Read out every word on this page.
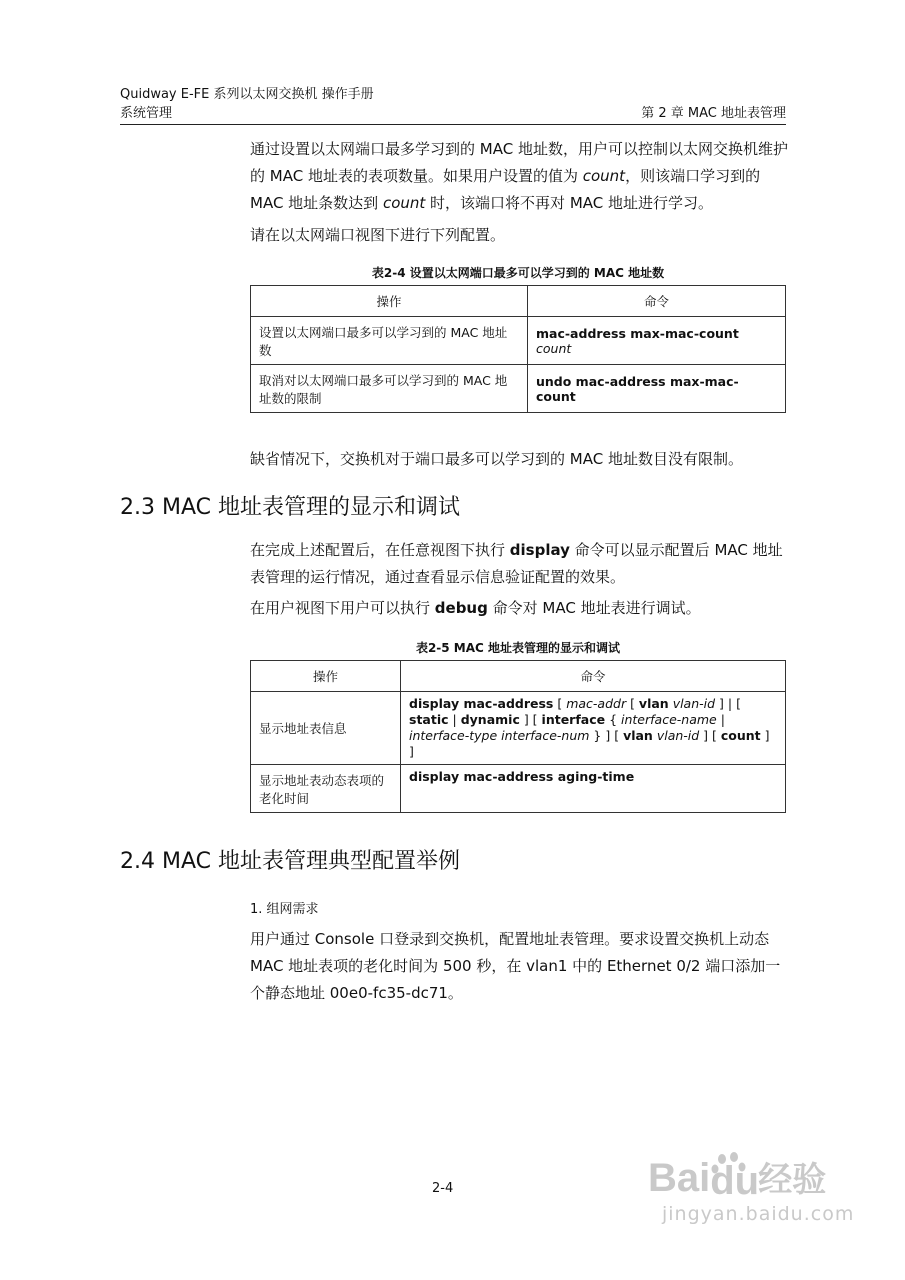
Quidway E-FE 系列以太网交换机 操作手册
系统管理	第 2 章 MAC 地址表管理

通过设置以太网端口最多学习到的 MAC 地址数，用户可以控制以太网交换机维护的 MAC 地址表的表项数量。如果用户设置的值为 count，则该端口学习到的 MAC 地址条数达到 count 时，该端口将不再对 MAC 地址进行学习。

请在以太网端口视图下进行下列配置。

表2-4 设置以太网端口最多可以学习到的 MAC 地址数
操作	命令
设置以太网端口最多可以学习到的 MAC 地址数	mac-address max-mac-count count
取消对以太网端口最多可以学习到的 MAC 地址数的限制	undo mac-address max-mac-count

缺省情况下，交换机对于端口最多可以学习到的 MAC 地址数目没有限制。

2.3 MAC 地址表管理的显示和调试

在完成上述配置后，在任意视图下执行 display 命令可以显示配置后 MAC 地址表管理的运行情况，通过查看显示信息验证配置的效果。

在用户视图下用户可以执行 debug 命令对 MAC 地址表进行调试。

表2-5 MAC 地址表管理的显示和调试
操作	命令
显示地址表信息	display mac-address [ mac-addr [ vlan vlan-id ] | [ static | dynamic ] [ interface { interface-name | interface-type interface-num } ] [ vlan vlan-id ] [ count ] ]
显示地址表动态表项的老化时间	display mac-address aging-time
2.4 MAC 地址表管理典型配置举例
1. 组网需求

用户通过 Console 口登录到交换机，配置地址表管理。要求设置交换机上动态 MAC 地址表项的老化时间为 500 秒，在 vlan1 中的 Ethernet 0/2 端口添加一个静态地址 00e0-fc35-dc71。

2-4	Bai du 经验
jingyan.baidu.com
